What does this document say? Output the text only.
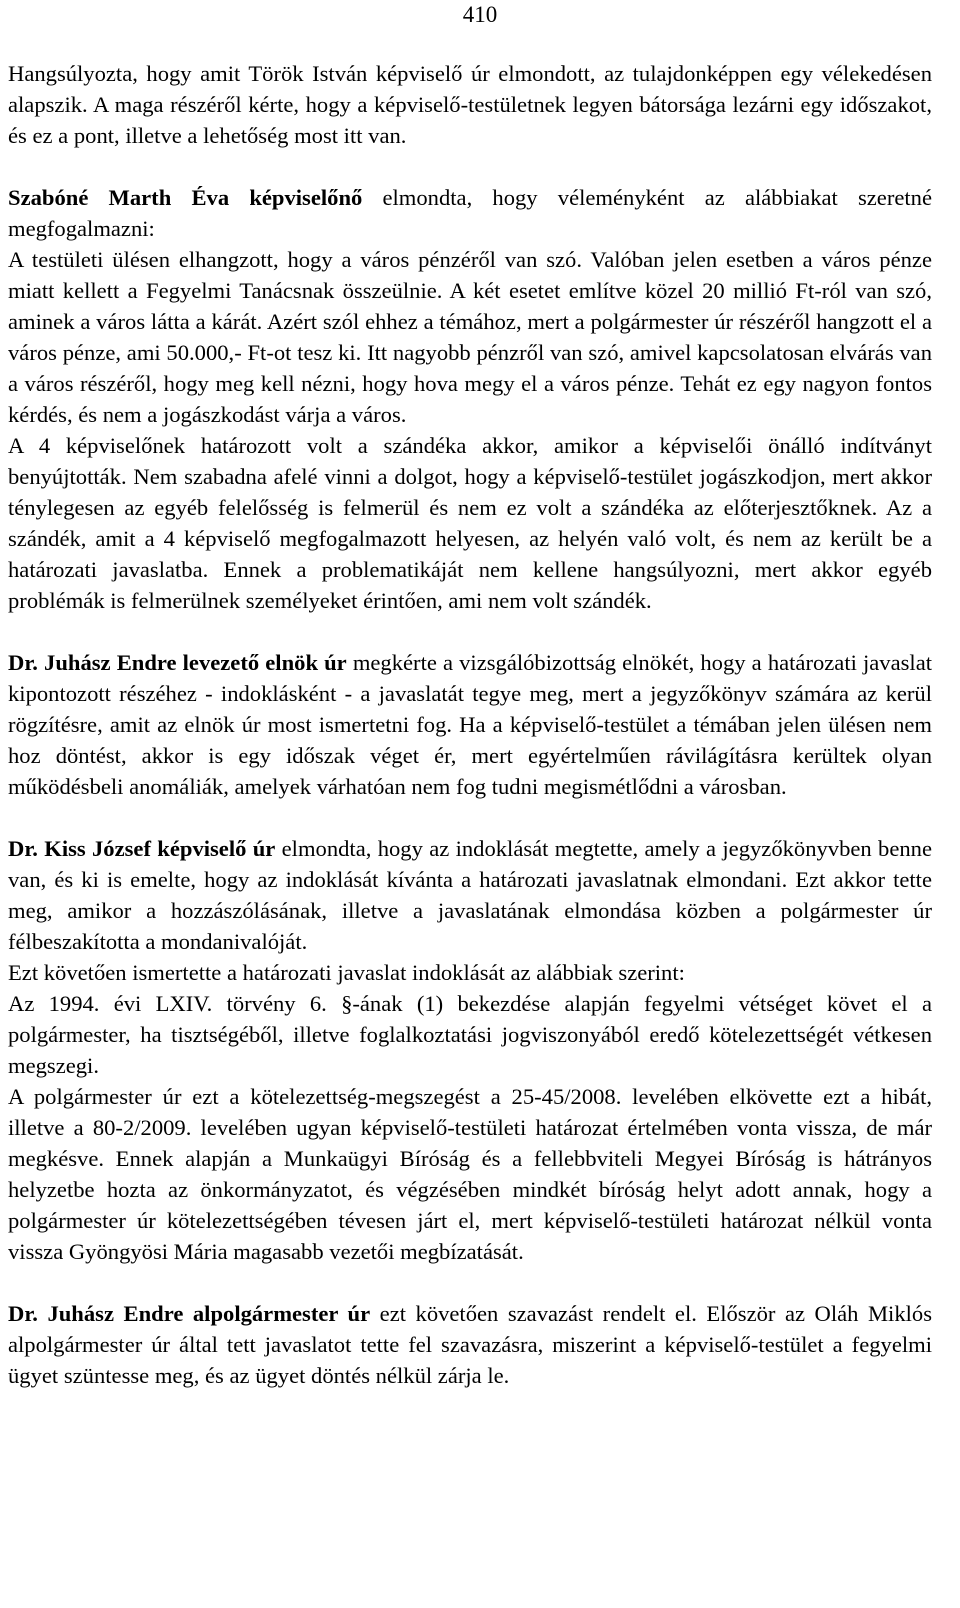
410

Hangsúlyozta, hogy amit Török István képviselő úr elmondott, az tulajdonképpen egy vélekedésen alapszik. A maga részéről kérte, hogy a képviselő-testületnek legyen bátorsága lezárni egy időszakot, és ez a pont, illetve a lehetőség most itt van.

Szabóné Marth Éva képviselőnő elmondta, hogy véleményként az alábbiakat szeretné megfogalmazni:

A testületi ülésen elhangzott, hogy a város pénzéről van szó. Valóban jelen esetben a város pénze miatt kellett a Fegyelmi Tanácsnak összeülnie. A két esetet említve közel 20 millió Ft-ról van szó, aminek a város látta a kárát. Azért szól ehhez a témához, mert a polgármester úr részéről hangzott el a város pénze, ami 50.000,- Ft-ot tesz ki. Itt nagyobb pénzről van szó, amivel kapcsolatosan elvárás van a város részéről, hogy meg kell nézni, hogy hova megy el a város pénze. Tehát ez egy nagyon fontos kérdés, és nem a jogászkodást várja a város.

A 4 képviselőnek határozott volt a szándéka akkor, amikor a képviselői önálló indítványt benyújtották. Nem szabadna afelé vinni a dolgot, hogy a képviselő-testület jogászkodjon, mert akkor ténylegesen az egyéb felelősség is felmerül és nem ez volt a szándéka az előterjesztőknek. Az a szándék, amit a 4 képviselő megfogalmazott helyesen, az helyén való volt, és nem az került be a határozati javaslatba. Ennek a problematikáját nem kellene hangsúlyozni, mert akkor egyéb problémák is felmerülnek személyeket érintően, ami nem volt szándék.

Dr. Juhász Endre levezető elnök úr megkérte a vizsgálóbizottság elnökét, hogy a határozati javaslat kipontozott részéhez - indoklásként - a javaslatát tegye meg, mert a jegyzőkönyv számára az kerül rögzítésre, amit az elnök úr most ismertetni fog. Ha a képviselő-testület a témában jelen ülésen nem hoz döntést, akkor is egy időszak véget ér, mert egyértelműen rávilágításra kerültek olyan működésbeli anomáliák, amelyek várhatóan nem fog tudni megismétlődni a városban.

Dr. Kiss József képviselő úr elmondta, hogy az indoklását megtette, amely a jegyzőkönyvben benne van, és ki is emelte, hogy az indoklását kívánta a határozati javaslatnak elmondani. Ezt akkor tette meg, amikor a hozzászólásának, illetve a javaslatának elmondása közben a polgármester úr félbeszakította a mondanivalóját.

Ezt követően ismertette a határozati javaslat indoklását az alábbiak szerint:

Az 1994. évi LXIV. törvény 6. §-ának (1) bekezdése alapján fegyelmi vétséget követ el a polgármester, ha tisztségéből, illetve foglalkoztatási jogviszonyából eredő kötelezettségét vétkesen megszegi.

A polgármester úr ezt a kötelezettség-megszegést a 25-45/2008. levelében elkövette ezt a hibát, illetve a 80-2/2009. levelében ugyan képviselő-testületi határozat értelmében vonta vissza, de már megkésve. Ennek alapján a Munkaügyi Bíróság és a fellebbviteli Megyei Bíróság is hátrányos helyzetbe hozta az önkormányzatot, és végzésében mindkét bíróság helyt adott annak, hogy a polgármester úr kötelezettségében tévesen járt el, mert képviselő-testületi határozat nélkül vonta vissza Gyöngyösi Mária magasabb vezetői megbízatását.

Dr. Juhász Endre alpolgármester úr ezt követően szavazást rendelt el. Először az Oláh Miklós alpolgármester úr által tett javaslatot tette fel szavazásra, miszerint a képviselő-testület a fegyelmi ügyet szüntesse meg, és az ügyet döntés nélkül zárja le.
